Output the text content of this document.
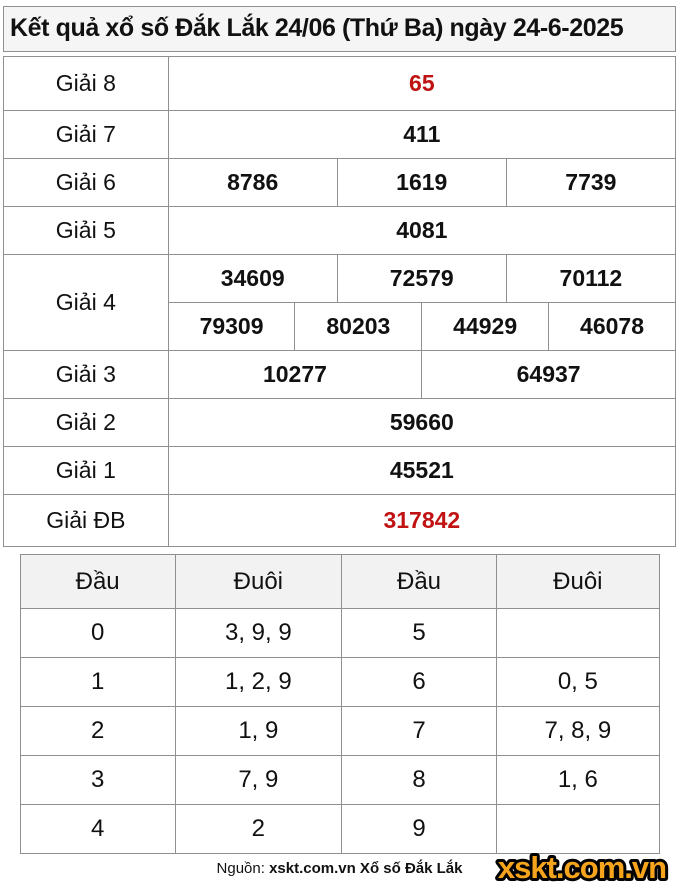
Kết quả xổ số Đắk Lắk 24/06 (Thứ Ba) ngày 24-6-2025
Giải 8	65					
Giải 7	411					
Giải 6	8786		1619		7739	
Giải 5	4081					
Giải 4	34609		72579		70112	
	79309	80203		44929		46078
Giải 3	10277			64937		
Giải 2	59660					
Giải 1	45521					
Giải ĐB	317842					
Đầu	Đuôi	Đầu	Đuôi
0	3, 9, 9	5	
1	1, 2, 9	6	0, 5
2	1, 9	7	7, 8, 9
3	7, 9	8	1, 6
4	2	9	
Nguồn: xskt.com.vn Xổ số Đắk Lắk	xskt.com.vn
